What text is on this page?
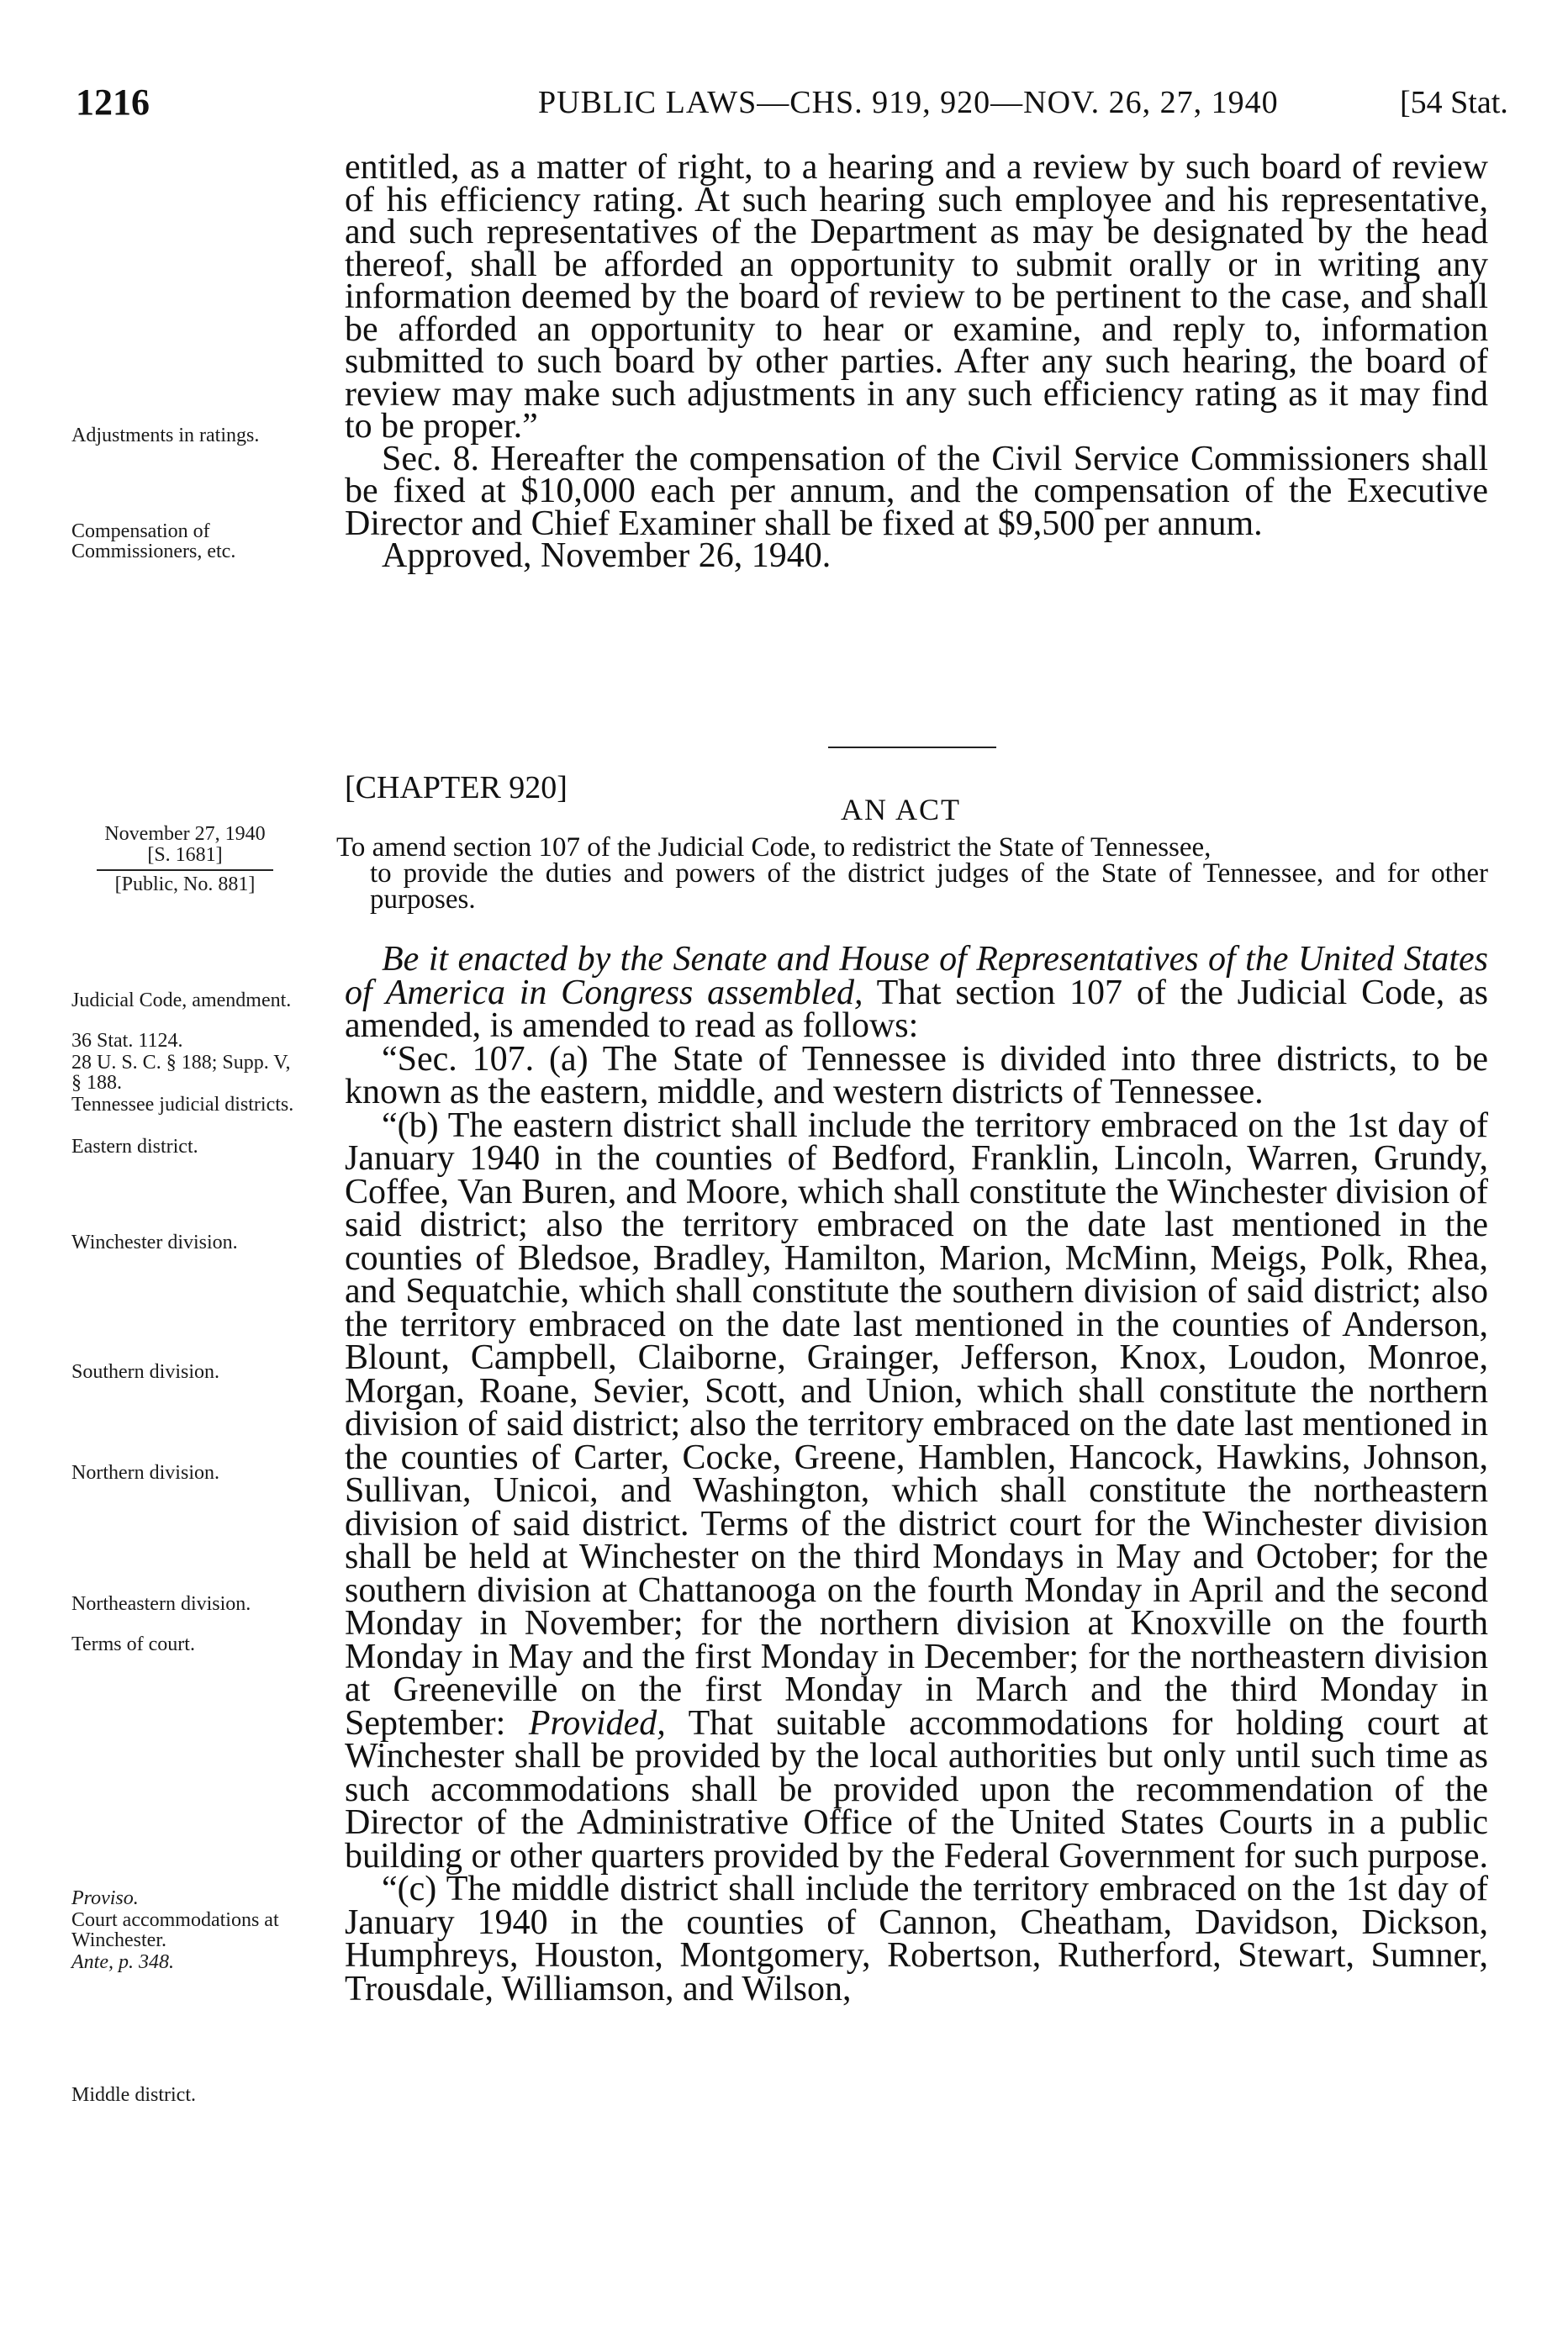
1216	PUBLIC LAWS—CHS. 919, 920—NOV. 26, 27, 1940	[54 Stat.

entitled, as a matter of right, to a hearing and a review by such board of review of his efficiency rating. At such hearing such employee and his representative, and such representatives of the Department as may be designated by the head thereof, shall be afforded an opportunity to submit orally or in writing any information deemed by the board of review to be pertinent to the case, and shall be afforded an opportunity to hear or examine, and reply to, information submitted to such board by other parties. After any such hearing, the board of review may make such adjustments in any such efficiency rating as it may find to be proper.”

Sec. 8. Hereafter the compensation of the Civil Service Commissioners shall be fixed at $10,000 each per annum, and the compensation of the Executive Director and Chief Examiner shall be fixed at $9,500 per annum.

Approved, November 26, 1940.

[CHAPTER 920]
AN ACT

To amend section 107 of the Judicial Code, to redistrict the State of Tennessee,

to provide the duties and powers of the district judges of the State of Tennessee, and for other purposes.

Be it enacted by the Senate and House of Representatives of the United States of America in Congress assembled, That section 107 of the Judicial Code, as amended, is amended to read as follows:

“Sec. 107. (a) The State of Tennessee is divided into three districts, to be known as the eastern, middle, and western districts of Tennessee.

“(b) The eastern district shall include the territory embraced on the 1st day of January 1940 in the counties of Bedford, Franklin, Lincoln, Warren, Grundy, Coffee, Van Buren, and Moore, which shall constitute the Winchester division of said district; also the territory embraced on the date last mentioned in the counties of Bledsoe, Bradley, Hamilton, Marion, McMinn, Meigs, Polk, Rhea, and Sequatchie, which shall constitute the southern division of said district; also the territory embraced on the date last mentioned in the counties of Anderson, Blount, Campbell, Claiborne, Grainger, Jefferson, Knox, Loudon, Monroe, Morgan, Roane, Sevier, Scott, and Union, which shall constitute the northern division of said district; also the territory embraced on the date last mentioned in the counties of Carter, Cocke, Greene, Hamblen, Hancock, Hawkins, Johnson, Sullivan, Unicoi, and Washington, which shall constitute the northeastern division of said district. Terms of the district court for the Winchester division shall be held at Winchester on the third Mondays in May and October; for the southern division at Chattanooga on the fourth Monday in April and the second Monday in November; for the northern division at Knoxville on the fourth Monday in May and the first Monday in December; for the northeastern division at Greeneville on the first Monday in March and the third Monday in September: Provided, That suitable accommodations for holding court at Winchester shall be provided by the local authorities but only until such time as such accommodations shall be provided upon the recommendation of the Director of the Administrative Office of the United States Courts in a public building or other quarters provided by the Federal Government for such purpose.

“(c) The middle district shall include the territory embraced on the 1st day of January 1940 in the counties of Cannon, Cheatham, Davidson, Dickson, Humphreys, Houston, Montgomery, Robertson, Rutherford, Stewart, Sumner, Trousdale, Williamson, and Wilson,

Adjustments in ratings.
Compensation of Commissioners, etc.
November 27, 1940
[S. 1681]
[Public, No. 881]
Judicial Code, amendment.
36 Stat. 1124.
28 U. S. C. § 188; Supp. V, § 188.
Tennessee judicial districts.
Eastern district.
Winchester division.
Southern division.
Northern division.
Northeastern division.
Terms of court.
Proviso.
Court accommodations at Winchester.
Ante, p. 348.
Middle district.
